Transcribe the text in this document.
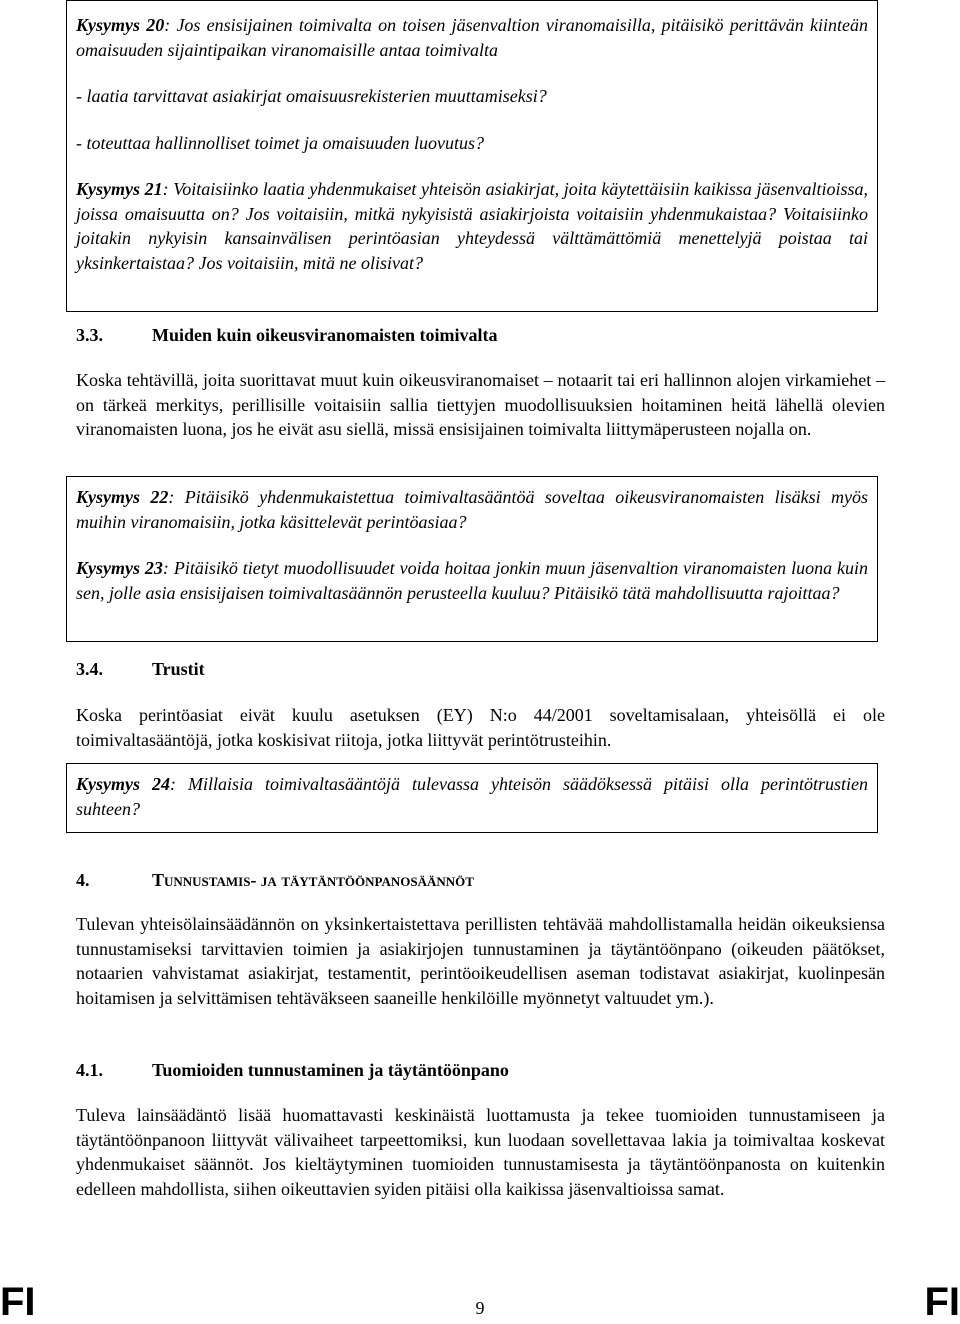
Kysymys 20: Jos ensisijainen toimivalta on toisen jäsenvaltion viranomaisilla, pitäisikö perittävän kiinteän omaisuuden sijaintipaikan viranomaisille antaa toimivalta

- laatia tarvittavat asiakirjat omaisuusrekisterien muuttamiseksi?

- toteuttaa hallinnolliset toimet ja omaisuuden luovutus?

Kysymys 21: Voitaisiinko laatia yhdenmukaiset yhteisön asiakirjat, joita käytettäisiin kaikissa jäsenvaltioissa, joissa omaisuutta on? Jos voitaisiin, mitkä nykyisistä asiakirjoista voitaisiin yhdenmukaistaa? Voitaisiinko joitakin nykyisin kansainvälisen perintöasian yhteydessä välttämättömiä menettelyjä poistaa tai yksinkertaistaa? Jos voitaisiin, mitä ne olisivat?

3.3.	Muiden kuin oikeusviranomaisten toimivalta

Koska tehtävillä, joita suorittavat muut kuin oikeusviranomaiset – notaarit tai eri hallinnon alojen virkamiehet – on tärkeä merkitys, perillisille voitaisiin sallia tiettyjen muodollisuuksien hoitaminen heitä lähellä olevien viranomaisten luona, jos he eivät asu siellä, missä ensisijainen toimivalta liittymäperusteen nojalla on.

Kysymys 22: Pitäisikö yhdenmukaistettua toimivaltasääntöä soveltaa oikeusviranomaisten lisäksi myös muihin viranomaisiin, jotka käsittelevät perintöasiaa?

Kysymys 23: Pitäisikö tietyt muodollisuudet voida hoitaa jonkin muun jäsenvaltion viranomaisten luona kuin sen, jolle asia ensisijaisen toimivaltasäännön perusteella kuuluu? Pitäisikö tätä mahdollisuutta rajoittaa?

3.4.	Trustit

Koska perintöasiat eivät kuulu asetuksen (EY) N:o 44/2001 soveltamisalaan, yhteisöllä ei ole toimivaltasääntöjä, jotka koskisivat riitoja, jotka liittyvät perintötrusteihin.

Kysymys 24: Millaisia toimivaltasääntöjä tulevassa yhteisön säädöksessä pitäisi olla perintötrustien suhteen?

4.	Tunnustamis- ja täytäntöönpanosäännöt

Tulevan yhteisölainsäädännön on yksinkertaistettava perillisten tehtävää mahdollistamalla heidän oikeuksiensa tunnustamiseksi tarvittavien toimien ja asiakirjojen tunnustaminen ja täytäntöönpano (oikeuden päätökset, notaarien vahvistamat asiakirjat, testamentit, perintöoikeudellisen aseman todistavat asiakirjat, kuolinpesän hoitamisen ja selvittämisen tehtäväkseen saaneille henkilöille myönnetyt valtuudet ym.).

4.1.	Tuomioiden tunnustaminen ja täytäntöönpano

Tuleva lainsäädäntö lisää huomattavasti keskinäistä luottamusta ja tekee tuomioiden tunnustamiseen ja täytäntöönpanoon liittyvät välivaiheet tarpeettomiksi, kun luodaan sovellettavaa lakia ja toimivaltaa koskevat yhdenmukaiset säännöt. Jos kieltäytyminen tuomioiden tunnustamisesta ja täytäntöönpanosta on kuitenkin edelleen mahdollista, siihen oikeuttavien syiden pitäisi olla kaikissa jäsenvaltioissa samat.

FI	9	FI
